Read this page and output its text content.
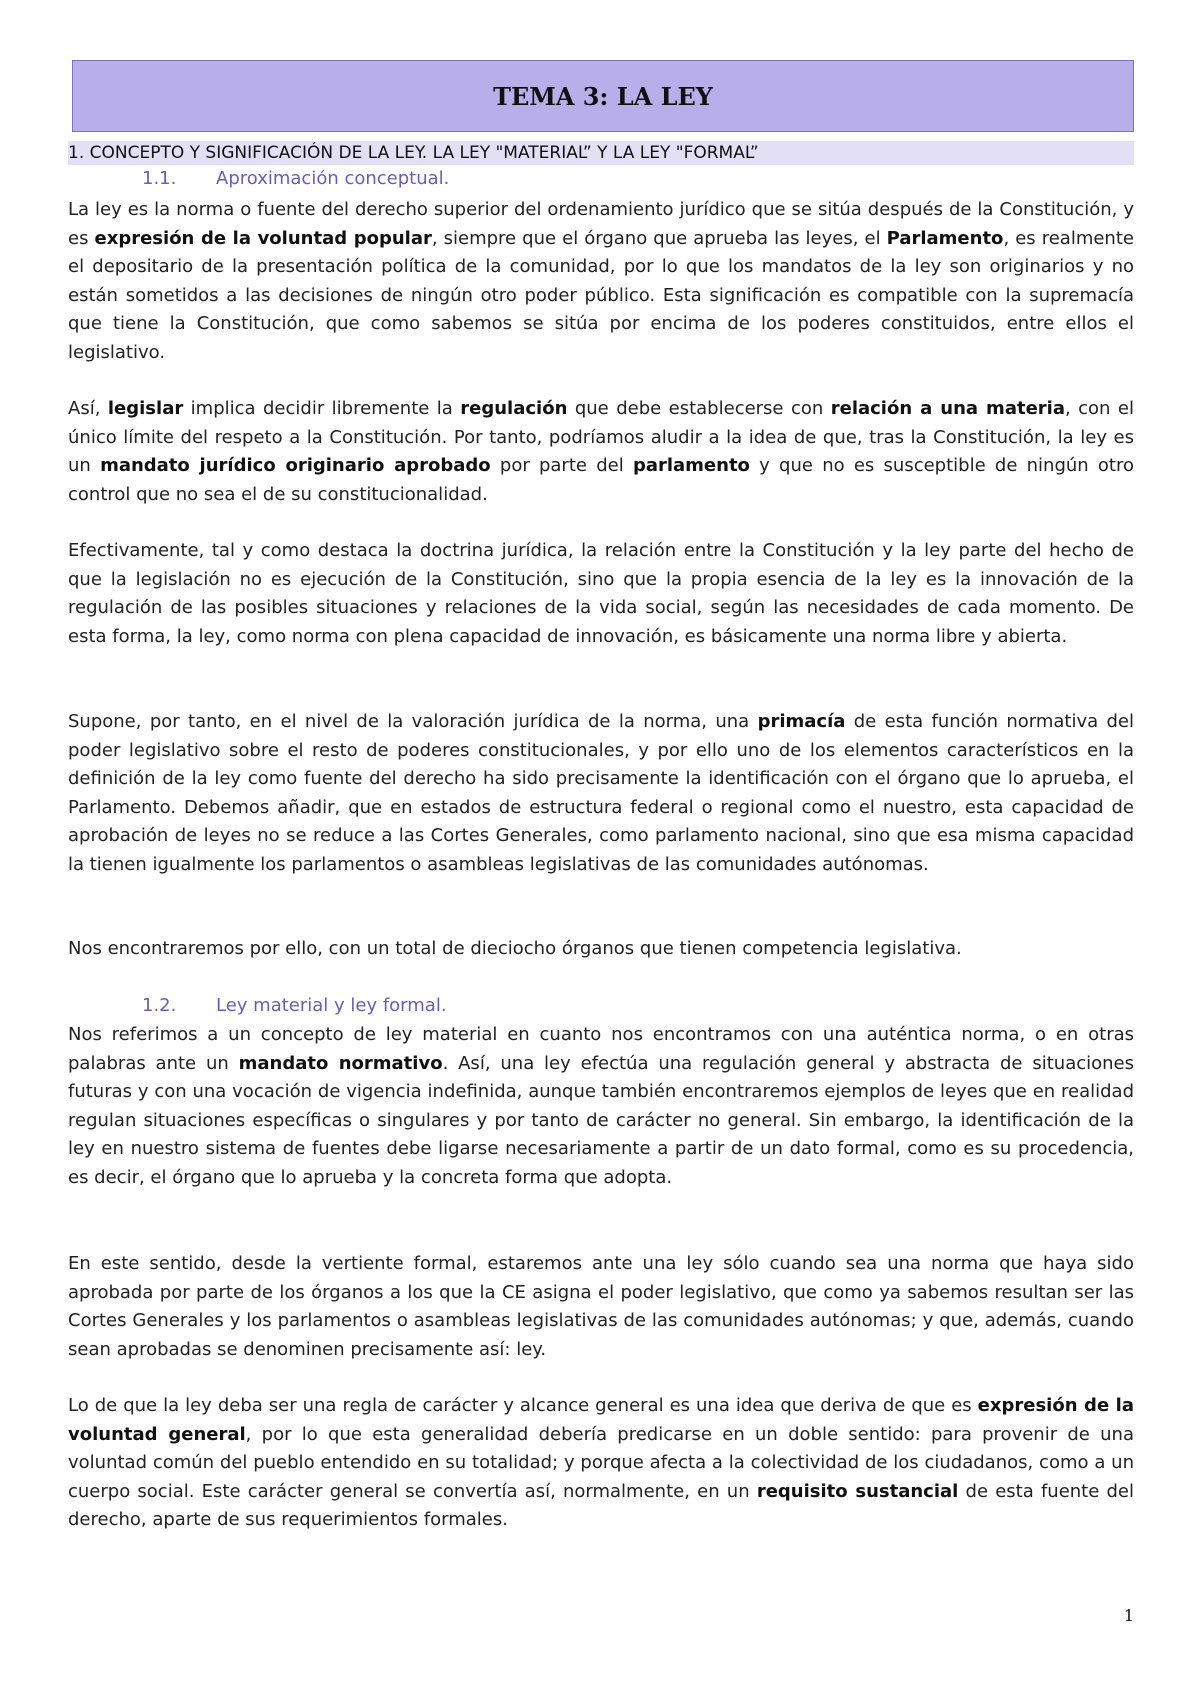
TEMA 3: LA LEY
1. CONCEPTO Y SIGNIFICACIÓN DE LA LEY. LA LEY "MATERIAL” Y LA LEY "FORMAL”
1.1. Aproximación conceptual.

La ley es la norma o fuente del derecho superior del ordenamiento jurídico que se sitúa después de la Constitución, y es expresión de la voluntad popular, siempre que el órgano que aprueba las leyes, el Parlamento, es realmente el depositario de la presentación política de la comunidad, por lo que los mandatos de la ley son originarios y no están sometidos a las decisiones de ningún otro poder público. Esta significación es compatible con la supremacía que tiene la Constitución, que como sabemos se sitúa por encima de los poderes constituidos, entre ellos el legislativo.

Así, legislar implica decidir libremente la regulación que debe establecerse con relación a una materia, con el único límite del respeto a la Constitución. Por tanto, podríamos aludir a la idea de que, tras la Constitución, la ley es un mandato jurídico originario aprobado por parte del parlamento y que no es susceptible de ningún otro control que no sea el de su constitucionalidad.

Efectivamente, tal y como destaca la doctrina jurídica, la relación entre la Constitución y la ley parte del hecho de que la legislación no es ejecución de la Constitución, sino que la propia esencia de la ley es la innovación de la regulación de las posibles situaciones y relaciones de la vida social, según las necesidades de cada momento. De esta forma, la ley, como norma con plena capacidad de innovación, es básicamente una norma libre y abierta.

Supone, por tanto, en el nivel de la valoración jurídica de la norma, una primacía de esta función normativa del poder legislativo sobre el resto de poderes constitucionales, y por ello uno de los elementos característicos en la definición de la ley como fuente del derecho ha sido precisamente la identificación con el órgano que lo aprueba, el Parlamento. Debemos añadir, que en estados de estructura federal o regional como el nuestro, esta capacidad de aprobación de leyes no se reduce a las Cortes Generales, como parlamento nacional, sino que esa misma capacidad la tienen igualmente los parlamentos o asambleas legislativas de las comunidades autónomas.

Nos encontraremos por ello, con un total de dieciocho órganos que tienen competencia legislativa.

1.2. Ley material y ley formal.

Nos referimos a un concepto de ley material en cuanto nos encontramos con una auténtica norma, o en otras palabras ante un mandato normativo. Así, una ley efectúa una regulación general y abstracta de situaciones futuras y con una vocación de vigencia indefinida, aunque también encontraremos ejemplos de leyes que en realidad regulan situaciones específicas o singulares y por tanto de carácter no general. Sin embargo, la identificación de la ley en nuestro sistema de fuentes debe ligarse necesariamente a partir de un dato formal, como es su procedencia, es decir, el órgano que lo aprueba y la concreta forma que adopta.

En este sentido, desde la vertiente formal, estaremos ante una ley sólo cuando sea una norma que haya sido aprobada por parte de los órganos a los que la CE asigna el poder legislativo, que como ya sabemos resultan ser las Cortes Generales y los parlamentos o asambleas legislativas de las comunidades autónomas; y que, además, cuando sean aprobadas se denominen precisamente así: ley.

Lo de que la ley deba ser una regla de carácter y alcance general es una idea que deriva de que es expresión de la voluntad general, por lo que esta generalidad debería predicarse en un doble sentido: para provenir de una voluntad común del pueblo entendido en su totalidad; y porque afecta a la colectividad de los ciudadanos, como a un cuerpo social. Este carácter general se convertía así, normalmente, en un requisito sustancial de esta fuente del derecho, aparte de sus requerimientos formales.

1
